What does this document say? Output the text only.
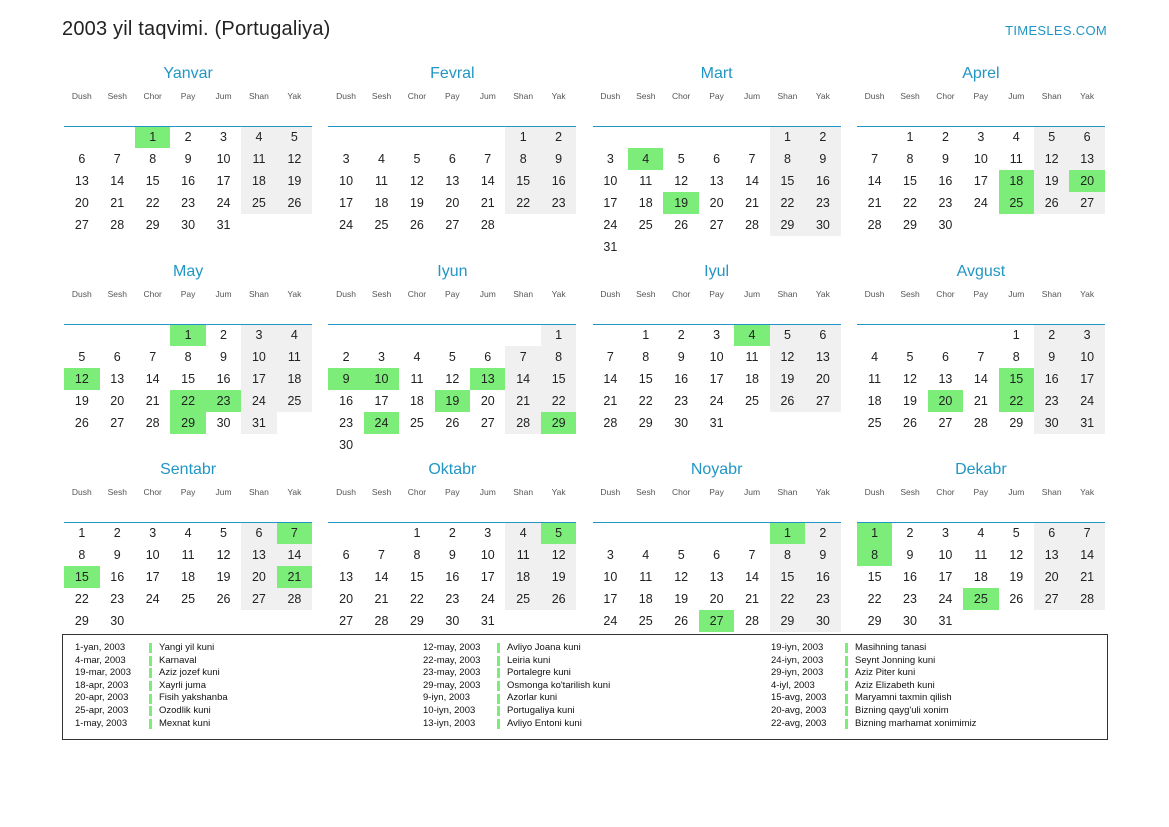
2003 yil taqvimi. (Portugaliya)	TIMESLES.COM
Yanvar
Dush	Sesh	Chor	Pay	Jum	Shan	Yak

		1	2	3	4	5
6	7	8	9	10	11	12
13	14	15	16	17	18	19
20	21	22	23	24	25	26
27	28	29	30	31		
Fevral
Dush	Sesh	Chor	Pay	Jum	Shan	Yak

					1	2
3	4	5	6	7	8	9
10	11	12	13	14	15	16
17	18	19	20	21	22	23
24	25	26	27	28		
Mart
Dush	Sesh	Chor	Pay	Jum	Shan	Yak

					1	2
3	4	5	6	7	8	9
10	11	12	13	14	15	16
17	18	19	20	21	22	23
24	25	26	27	28	29	30
31						
Aprel
Dush	Sesh	Chor	Pay	Jum	Shan	Yak

	1	2	3	4	5	6
7	8	9	10	11	12	13
14	15	16	17	18	19	20
21	22	23	24	25	26	27
28	29	30				
May
Dush	Sesh	Chor	Pay	Jum	Shan	Yak

			1	2	3	4
5	6	7	8	9	10	11
12	13	14	15	16	17	18
19	20	21	22	23	24	25
26	27	28	29	30	31	
Iyun
Dush	Sesh	Chor	Pay	Jum	Shan	Yak

						1
2	3	4	5	6	7	8
9	10	11	12	13	14	15
16	17	18	19	20	21	22
23	24	25	26	27	28	29
30						
Iyul
Dush	Sesh	Chor	Pay	Jum	Shan	Yak

	1	2	3	4	5	6
7	8	9	10	11	12	13
14	15	16	17	18	19	20
21	22	23	24	25	26	27
28	29	30	31			
Avgust
Dush	Sesh	Chor	Pay	Jum	Shan	Yak

				1	2	3
4	5	6	7	8	9	10
11	12	13	14	15	16	17
18	19	20	21	22	23	24
25	26	27	28	29	30	31
Sentabr
Dush	Sesh	Chor	Pay	Jum	Shan	Yak

1	2	3	4	5	6	7
8	9	10	11	12	13	14
15	16	17	18	19	20	21
22	23	24	25	26	27	28
29	30					
Oktabr
Dush	Sesh	Chor	Pay	Jum	Shan	Yak

		1	2	3	4	5
6	7	8	9	10	11	12
13	14	15	16	17	18	19
20	21	22	23	24	25	26
27	28	29	30	31		
Noyabr
Dush	Sesh	Chor	Pay	Jum	Shan	Yak

					1	2
3	4	5	6	7	8	9
10	11	12	13	14	15	16
17	18	19	20	21	22	23
24	25	26	27	28	29	30
Dekabr
Dush	Sesh	Chor	Pay	Jum	Shan	Yak

1	2	3	4	5	6	7
8	9	10	11	12	13	14
15	16	17	18	19	20	21
22	23	24	25	26	27	28
29	30	31				
1-yan, 2003	Yangi yil kuni
4-mar, 2003	Karnaval
19-mar, 2003	Aziz jozef kuni
18-apr, 2003	Xayrli juma
20-apr, 2003	Fisih yakshanba
25-apr, 2003	Ozodlik kuni
1-may, 2003	Mexnat kuni
12-may, 2003	Avliyo Joana kuni
22-may, 2003	Leiria kuni
23-may, 2003	Portalegre kuni
29-may, 2003	Osmonga ko'tarilish kuni
9-iyn, 2003	Azorlar kuni
10-iyn, 2003	Portugaliya kuni
13-iyn, 2003	Avliyo Entoni kuni
19-iyn, 2003	Masihning tanasi
24-iyn, 2003	Seynt Jonning kuni
29-iyn, 2003	Aziz Piter kuni
4-iyl, 2003	Aziz Elizabeth kuni
15-avg, 2003	Maryamni taxmin qilish
20-avg, 2003	Bizning qayg'uli xonim
22-avg, 2003	Bizning marhamat xonimimiz
